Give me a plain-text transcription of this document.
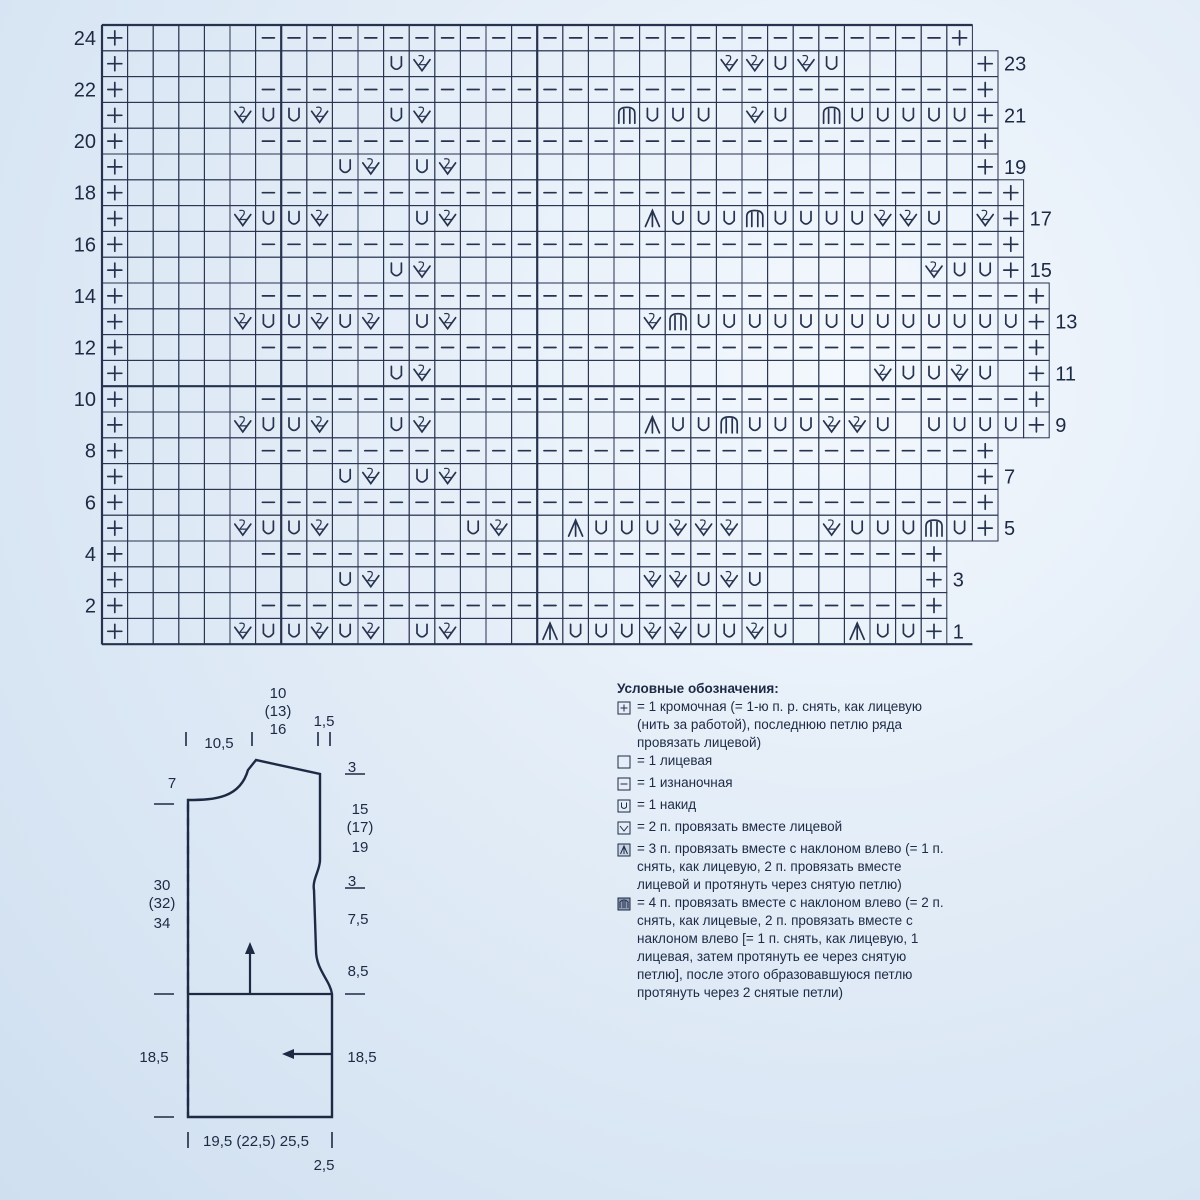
24
22
20
18
16
14
12
10
8
6
4
2
23
21
19
17
15
13
11
9
7
5
3
1
10
(13)
16 1,5
10,5
7
3
15
(17)
19
3
7,5
8,5
30
(32)
34
18,5	18,5
19,5 (22,5) 25,5
2,5
Условные обозначения:
= 1 кромочная (= 1-ю п. р. снять, как лицевую (нить за работой), последнюю петлю ряда провязать лицевой)
= 1 лицевая
= 1 изнаночная
= 1 накид
= 2 п. провязать вместе лицевой
= 3 п. провязать вместе с наклоном влево (= 1 п. снять, как лицевую, 2 п. провязать вместе лицевой и протянуть через снятую петлю)
= 4 п. провязать вместе с наклоном влево (= 2 п. снять, как лицевые, 2 п. провязать вместе с наклоном влево [= 1 п. снять, как лицевую, 1 лицевая, затем протянуть ее через снятую петлю], после этого образовавшуюся петлю протянуть через 2 снятые петли)
